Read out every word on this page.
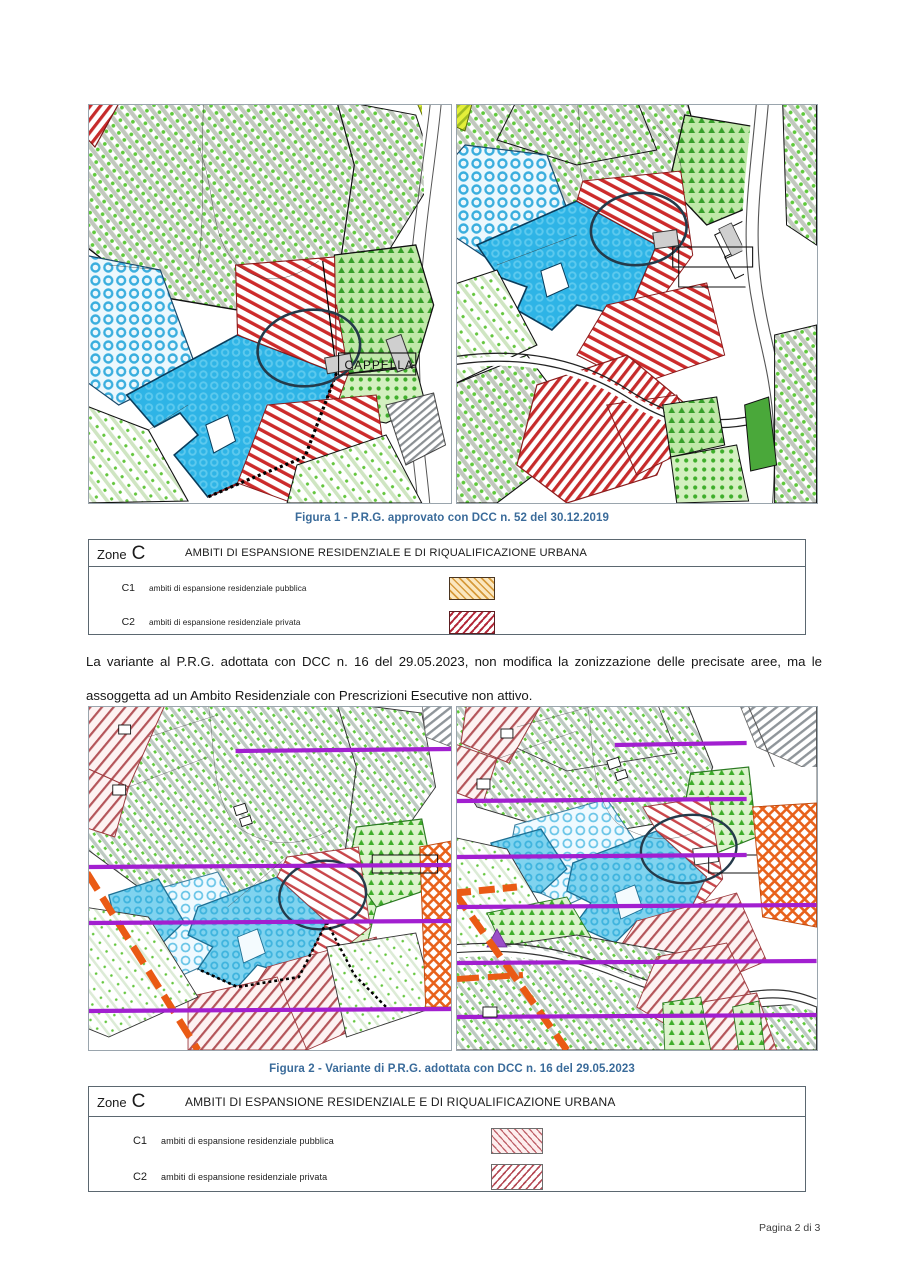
CAPPELLA
Figura 1 - P.R.G. approvato con DCC n. 52 del 30.12.2019
Zone C	AMBITI DI ESPANSIONE RESIDENZIALE E DI RIQUALIFICAZIONE URBANA
C1	ambiti di espansione residenziale pubblica
C2	ambiti di espansione residenziale privata
La variante al P.R.G. adottata con DCC n. 16 del 29.05.2023, non modifica la zonizzazione delle precisate aree, ma le assoggetta ad un Ambito Residenziale con Prescrizioni Esecutive non attivo.
Figura 2 - Variante di P.R.G. adottata con DCC n. 16 del 29.05.2023
Zone C	AMBITI DI ESPANSIONE RESIDENZIALE E DI RIQUALIFICAZIONE URBANA
C1	ambiti di espansione residenziale pubblica
C2	ambiti di espansione residenziale privata
Pagina 2 di 3
